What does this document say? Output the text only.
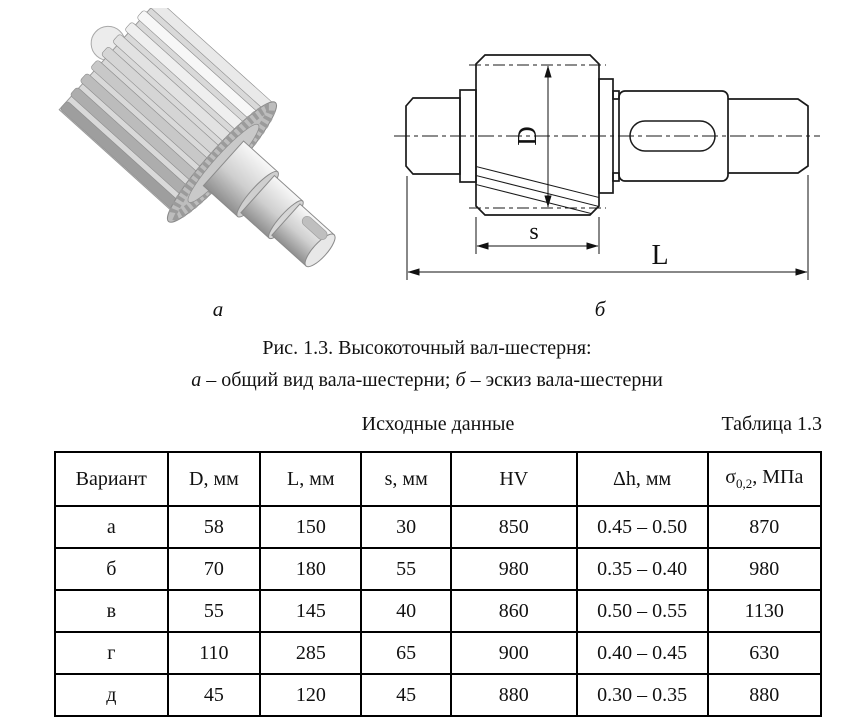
D
s
L
а	б
Рис. 1.3. Высокоточный вал-шестерня:
а – общий вид вала-шестерни; б – эскиз вала-шестерни
Исходные данные	Таблица 1.3
Вариант	D, мм	L, мм	s, мм	HV	Δh, мм	$\sigma_{0,2}$, МПа
а	58	150	30	850	0.45 – 0.50	870
б	70	180	55	980	0.35 – 0.40	980
в	55	145	40	860	0.50 – 0.55	1130
г	110	285	65	900	0.40 – 0.45	630
д	45	120	45	880	0.30 – 0.35	880
